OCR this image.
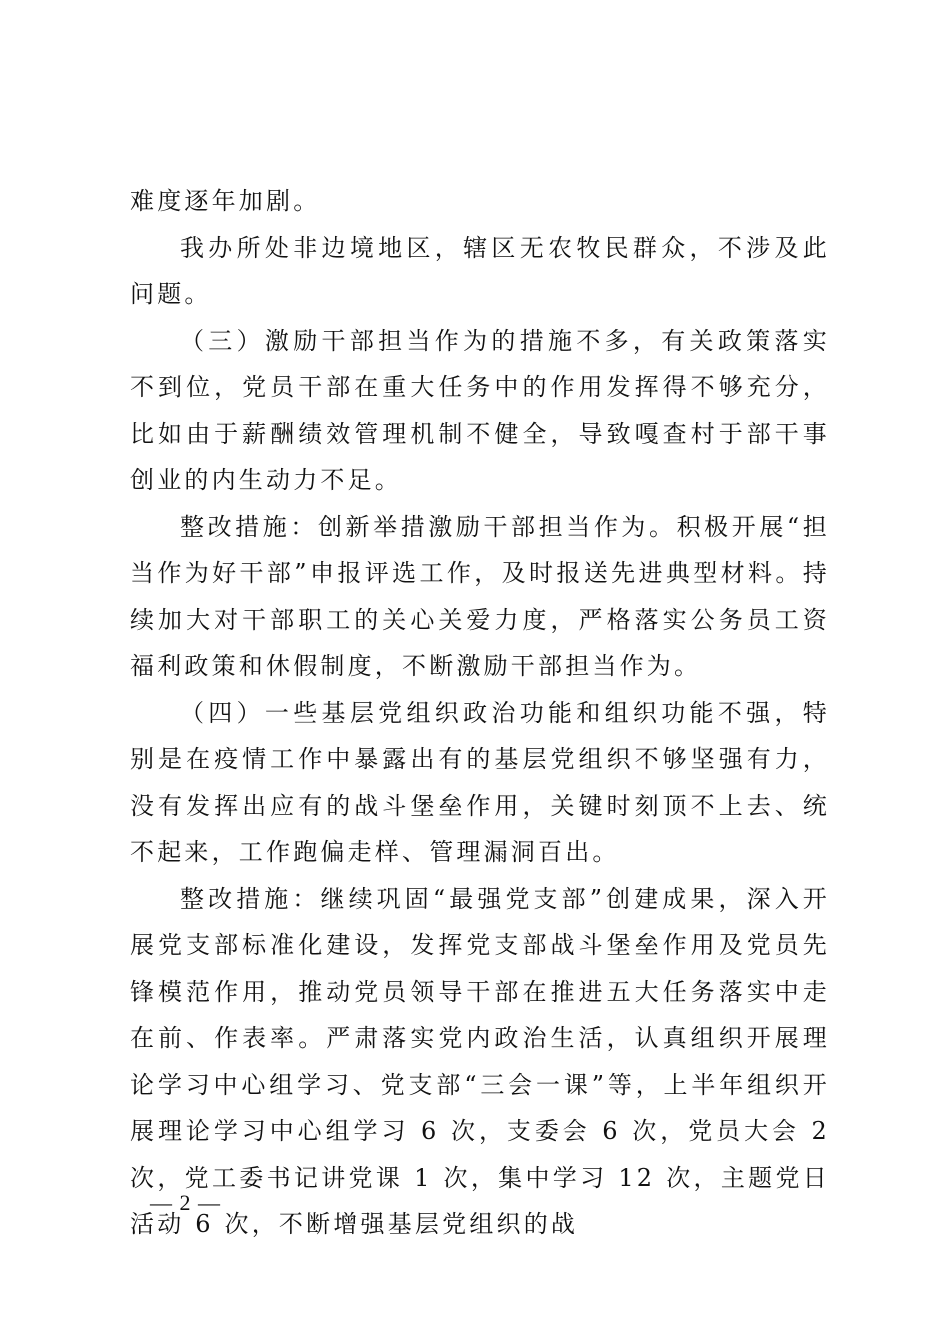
难度逐年加剧。

我办所处非边境地区，辖区无农牧民群众，不涉及此问题。

（三）激励干部担当作为的措施不多，有关政策落实不到位，党员干部在重大任务中的作用发挥得不够充分，比如由于薪酬绩效管理机制不健全，导致嘎查村于部干事创业的内生动力不足。

整改措施：创新举措激励干部担当作为。积极开展“担当作为好干部”申报评选工作，及时报送先进典型材料。持续加大对干部职工的关心关爱力度，严格落实公务员工资福利政策和休假制度，不断激励干部担当作为。

（四）一些基层党组织政治功能和组织功能不强，特别是在疫情工作中暴露出有的基层党组织不够坚强有力，没有发挥出应有的战斗堡垒作用，关键时刻顶不上去、统不起来，工作跑偏走样、管理漏洞百出。

整改措施：继续巩固“最强党支部”创建成果，深入开展党支部标准化建设，发挥党支部战斗堡垒作用及党员先锋模范作用，推动党员领导干部在推进五大任务落实中走在前、作表率。严肃落实党内政治生活，认真组织开展理论学习中心组学习、党支部“三会一课”等，上半年组织开展理论学习中心组学习 6 次，支委会 6 次，党员大会 2 次，党工委书记讲党课 1 次，集中学习 12 次，主题党日活动 6 次，不断增强基层党组织的战

— 2 —
